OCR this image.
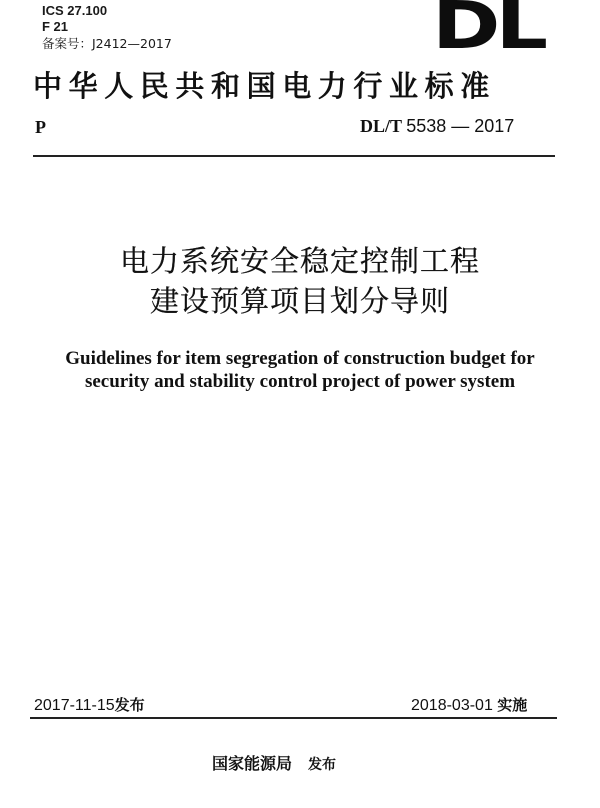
ICS 27.100
F 21
备案号：J2412—2017	DL
中华人民共和国电力行业标准
P	DL/T 5538 — 2017
电力系统安全稳定控制工程
建设预算项目划分导则
Guidelines for item segregation of construction budget for
security and stability control project of power system
2017-11-15发布	2018-03-01 实施
国家能源局 发布
